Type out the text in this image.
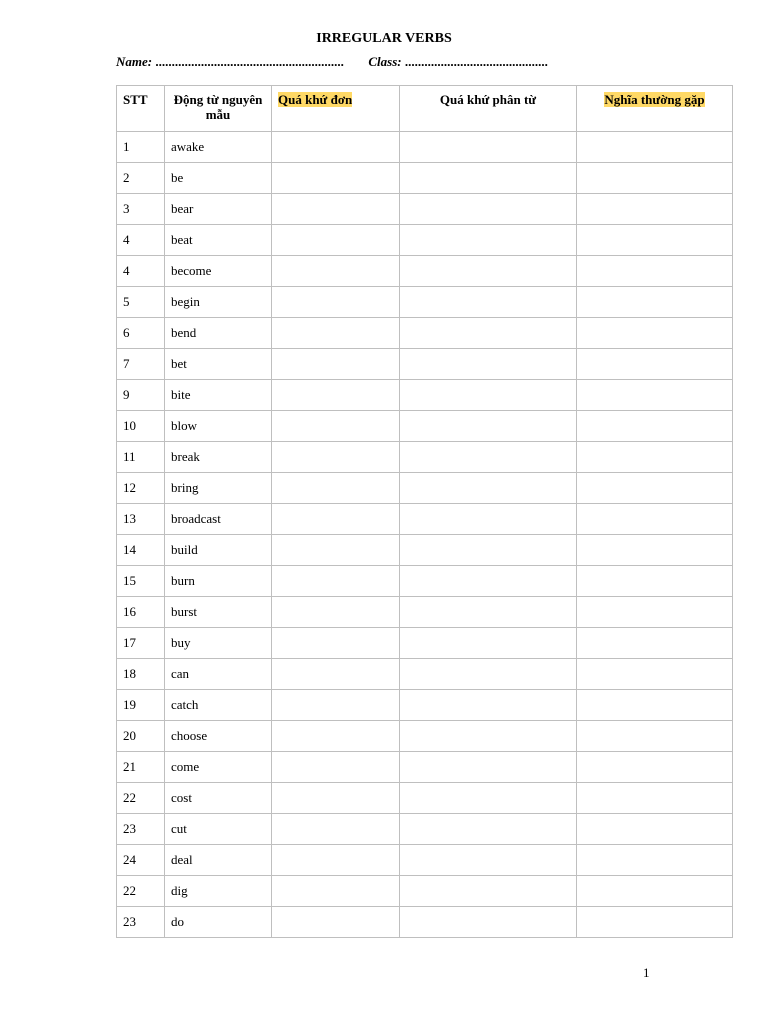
IRREGULAR VERBS
Name: .......................................................... Class: ............................................
STT	Động từ nguyên mẫu	Quá khứ đơn	Quá khứ phân từ	Nghĩa thường gặp
1	awake			
2	be			
3	bear			
4	beat			
4	become			
5	begin			
6	bend			
7	bet			
9	bite			
10	blow			
11	break			
12	bring			
13	broadcast			
14	build			
15	burn			
16	burst			
17	buy			
18	can			
19	catch			
20	choose			
21	come			
22	cost			
23	cut			
24	deal			
22	dig			
23	do			
1
